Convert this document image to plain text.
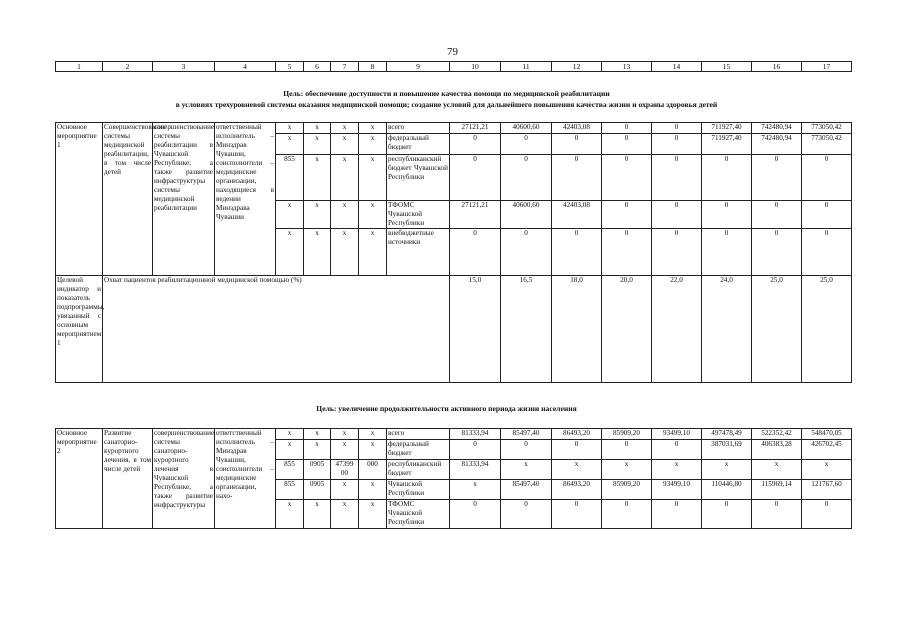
79
1	2	3	4	5	6	7	8	9	10	11	12	13	14	15	16	17
Цель: обеспечение доступности и повышение качества помощи по медицинской реабилитации
в условиях трехуровневой системы оказания медицинской помощи; создание условий для дальнейшего повышения качества жизни и охраны здоровья детей
Основное мероприятие 1	Совершенствование системы медицинской реабилитации, в том числе детей	совершенствование системы реабилитации в Чувашской Республике, а также развитие инфраструктуры системы медицинской реабилитации	ответственный исполнитель – Минздрав Чувашии, соисполнители – медицинские организации, находящиеся в ведении Минздрава Чувашии	x	x	x	x	всего	27121,21	40600,60	42403,08	0	0	711927,40	742480,94	773050,42
				x	x	x	x	федеральный бюджет	0	0	0	0	0	711927,40	742480,94	773050,42
				855	x	x	x	республиканский бюджет Чувашской Республики	0	0	0	0	0	0	0	0
				x	x	x	x	ТФОМС Чувашской Республики	27121,21	40600,60	42403,08	0	0	0	0	0
				x	x	x	x	внебюджетные источники	0	0	0	0	0	0	0	0
Целевой индикатор и показатель подпрограммы, увязанный с основным мероприятием 1	Охват пациентов реабилитационной медицинской помощью (%)								15,0	16,5	18,0	20,0	22,0	24,0	25,0	25,0
Цель: увеличение продолжительности активного периода жизни населения
Основное мероприятие 2	Развитие санаторно-курортного лечения, в том числе детей	совершенствование системы санаторно-курортного лечения в Чувашской Республике, а также развитие инфраструктуры	ответственный исполнитель – Минздрав Чувашии, соисполнители – медицинские организации, нахо-	x	x	x	x	всего	81333,94	85497,40	86493,20	85909,20	93499,10	497478,49	522352,42	548470,05
				x	x	x	x	федеральный бюджет	0	0	0	0	0	387031,69	406383,28	426702,45
				855	0905	47399 00	000	республиканский бюджет	81333,94	x	x	x	x	x	x	x
				855	0905	x	x	Чувашской Республики	x	85497,40	86493,20	85909,20	93499,10	110446,80	115969,14	121767,60
				x	x	x	x	ТФОМС Чувашской Республики	0	0	0	0	0	0	0	0
